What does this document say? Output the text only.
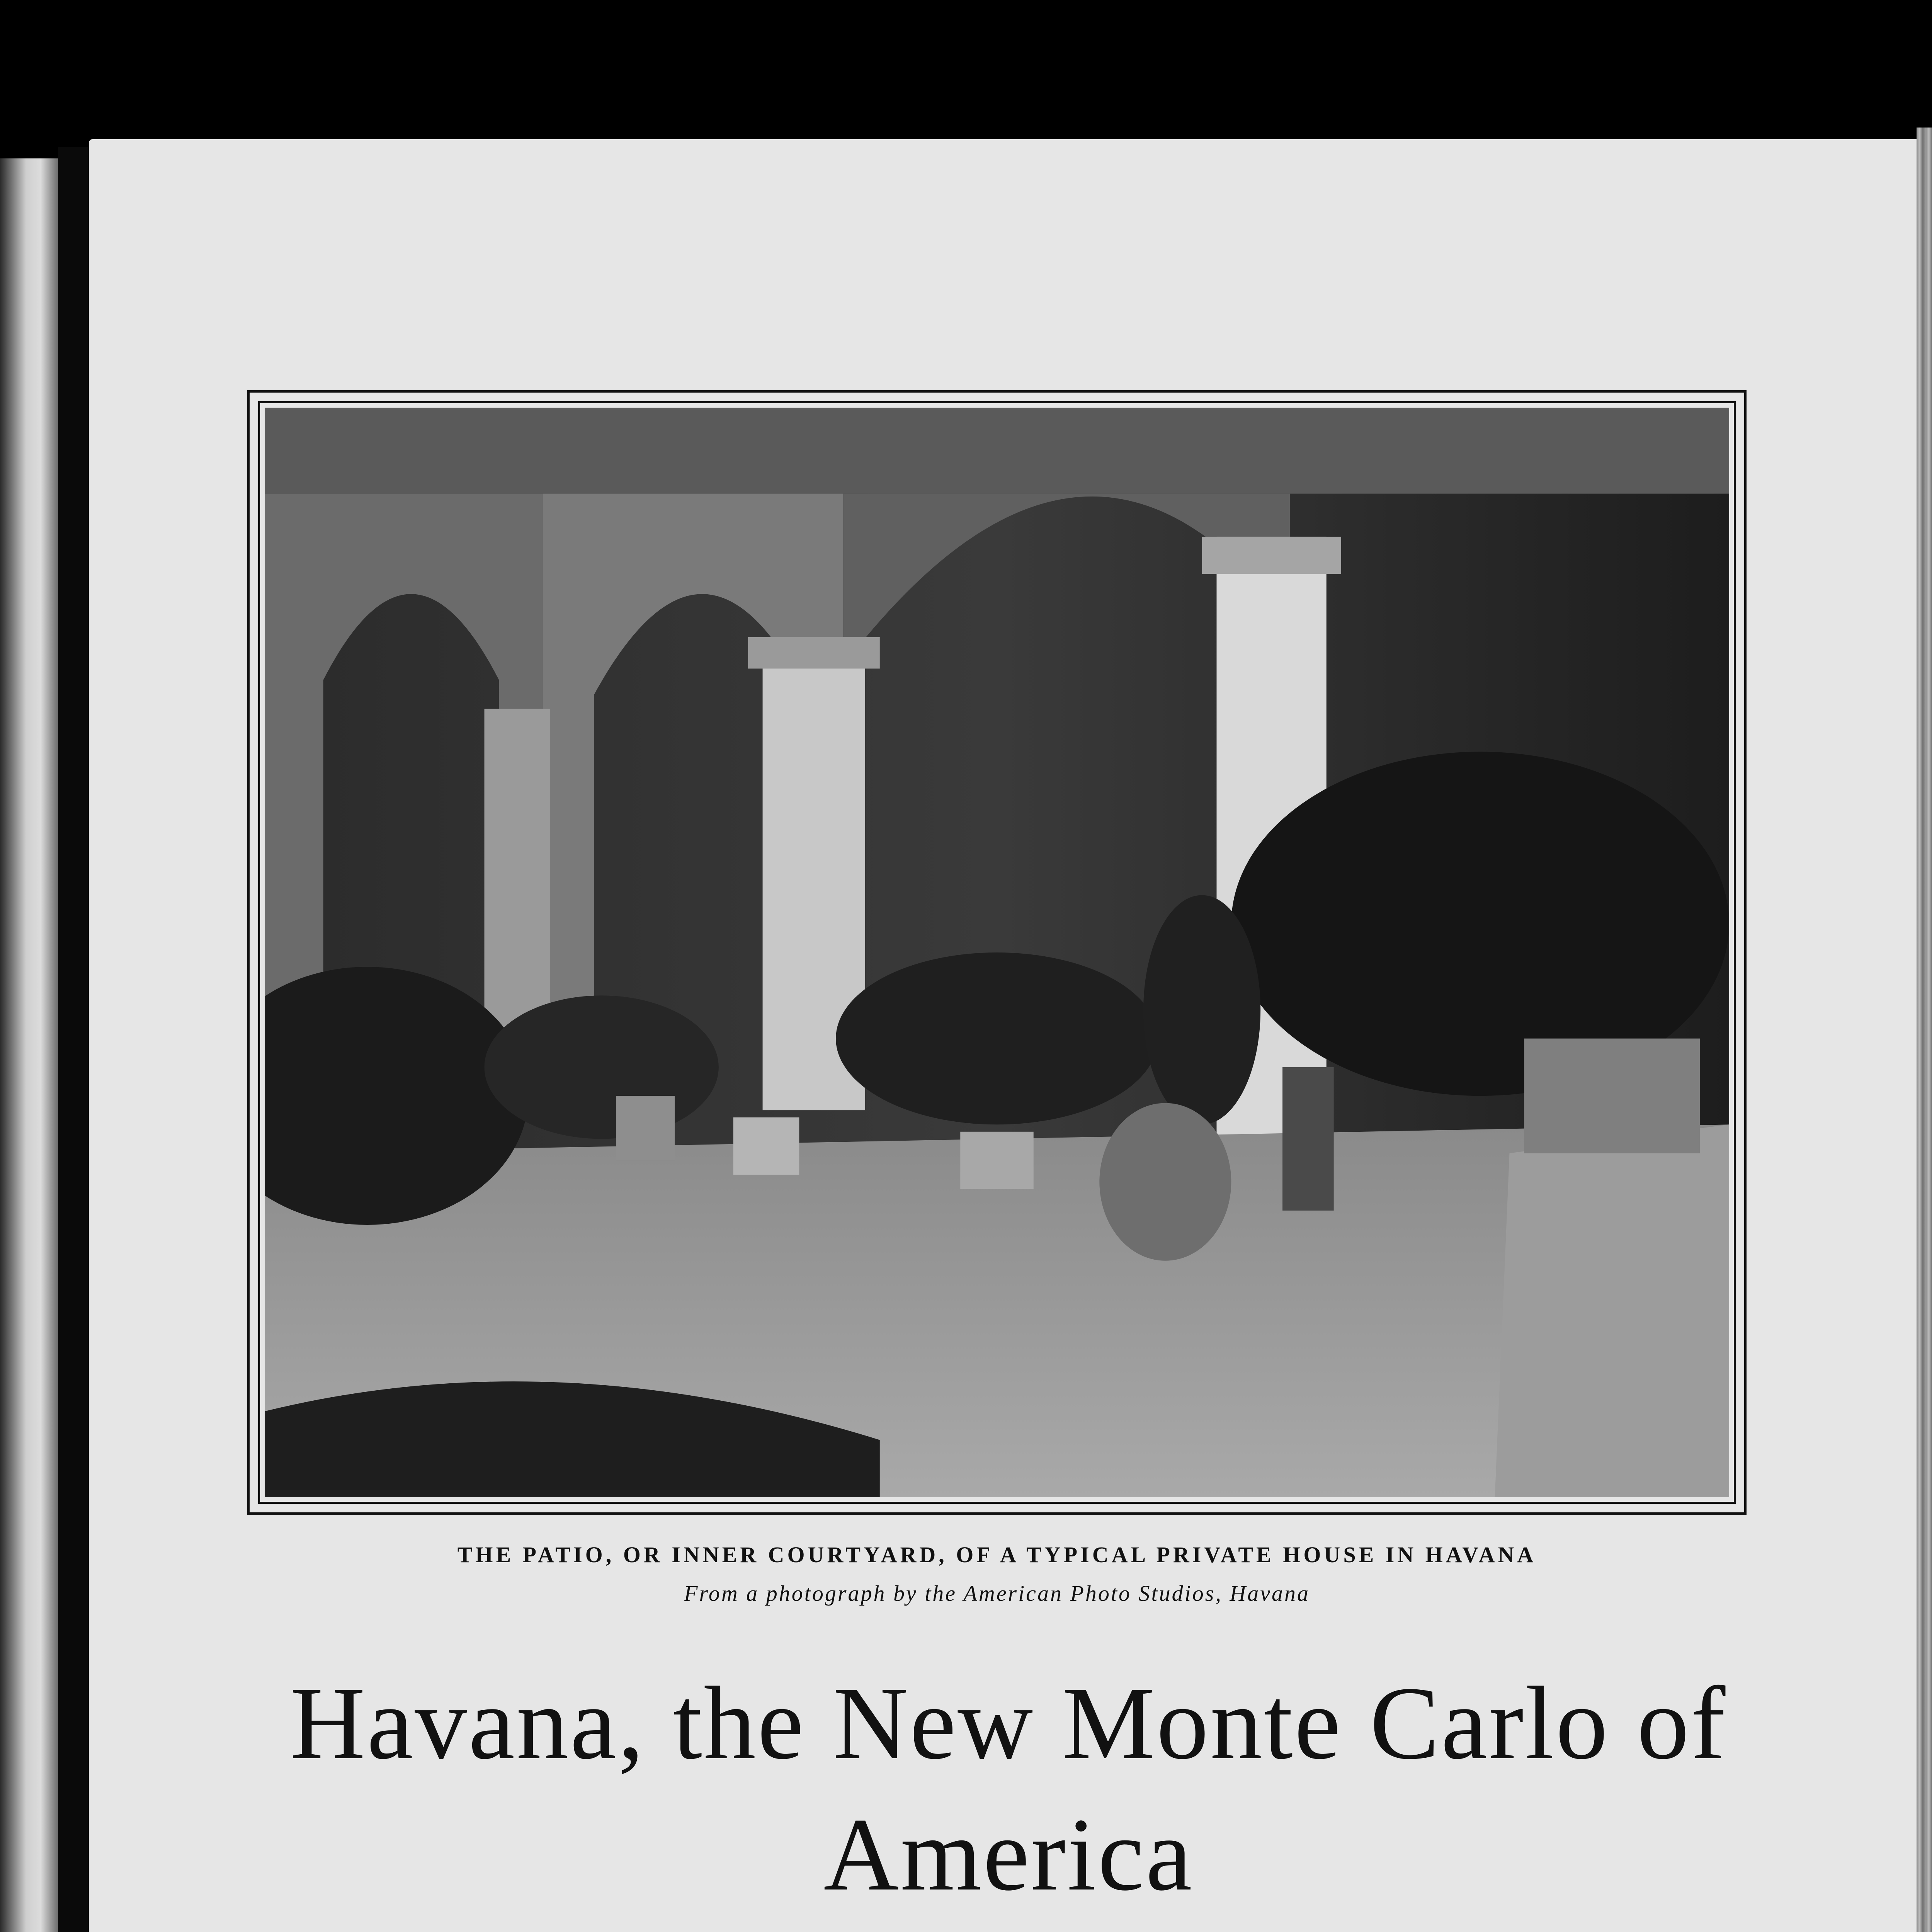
THE PATIO, OR INNER COURTYARD, OF A TYPICAL PRIVATE HOUSE IN HAVANA

From a photograph by the American Photo Studios, Havana

Havana, the New Monte Carlo of America
